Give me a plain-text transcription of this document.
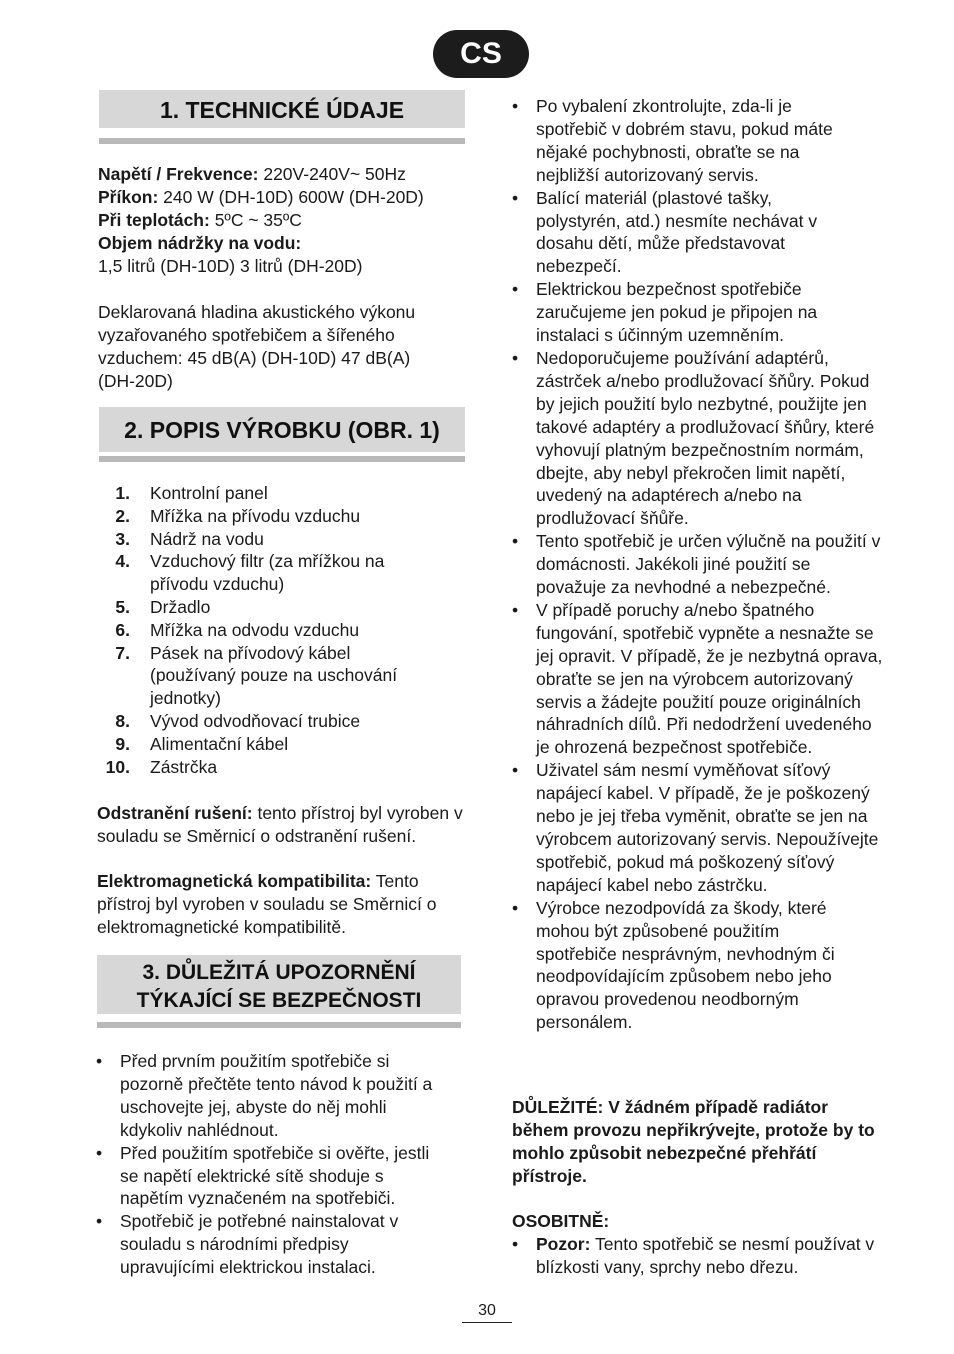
CS
1. TECHNICKÉ ÚDAJE
Napětí / Frekvence: 220V-240V~ 50Hz
Příkon: 240 W (DH-10D) 600W (DH-20D)
Při teplotách: 5ºC ~ 35ºC
Objem nádržky na vodu:
1,5 litrů (DH-10D) 3 litrů (DH-20D)
Deklarovaná hladina akustického výkonu vyzařovaného spotřebičem a šířeného vzduchem: 45 dB(A) (DH-10D) 47 dB(A) (DH-20D)
2. POPIS VÝROBKU (OBR. 1)
1. Kontrolní panel
2. Mřížka na přívodu vzduchu
3. Nádrž na vodu
4. Vzduchový filtr (za mřížkou na přívodu vzduchu)
5. Držadlo
6. Mřížka na odvodu vzduchu
7. Pásek na přívodový kábel (používaný pouze na uschování jednotky)
8. Vývod odvodňovací trubice
9. Alimentační kábel
10. Zástrčka
Odstranění rušení: tento přístroj byl vyroben v souladu se Směrnicí o odstranění rušení.
Elektromagnetická kompatibilita: Tento přístroj byl vyroben v souladu se Směrnicí o elektromagnetické kompatibilitě.
3. DŮLEŽITÁ UPOZORNĚNÍ
TÝKAJÍCÍ SE BEZPEČNOSTI
• Před prvním použitím spotřebiče si pozorně přečtěte tento návod k použití a uschovejte jej, abyste do něj mohli kdykoliv nahlédnout.
• Před použitím spotřebiče si ověřte, jestli se napětí elektrické sítě shoduje s napětím vyznačeném na spotřebiči.
• Spotřebič je potřebné nainstalovat v souladu s národními předpisy upravujícími elektrickou instalaci.
• Po vybalení zkontrolujte, zda-li je spotřebič v dobrém stavu, pokud máte nějaké pochybnosti, obraťte se na nejbližší autorizovaný servis.
• Balící materiál (plastové tašky, polystyrén, atd.) nesmíte nechávat v dosahu dětí, může představovat nebezpečí.
• Elektrickou bezpečnost spotřebiče zaručujeme jen pokud je připojen na instalaci s účinným uzemněním.
• Nedoporučujeme používání adaptérů, zástrček a/nebo prodlužovací šňůry. Pokud by jejich použití bylo nezbytné, použijte jen takové adaptéry a prodlužovací šňůry, které vyhovují platným bezpečnostním normám, dbejte, aby nebyl překročen limit napětí, uvedený na adaptérech a/nebo na prodlužovací šňůře.
• Tento spotřebič je určen výlučně na použití v domácnosti. Jakékoli jiné použití se považuje za nevhodné a nebezpečné.
• V případě poruchy a/nebo špatného fungování, spotřebič vypněte a nesnažte se jej opravit. V případě, že je nezbytná oprava, obraťte se jen na výrobcem autorizovaný servis a žádejte použití pouze originálních náhradních dílů. Při nedodržení uvedeného je ohrozená bezpečnost spotřebiče.
• Uživatel sám nesmí vyměňovat síťový napájecí kabel. V případě, že je poškozený nebo je jej třeba vyměnit, obraťte se jen na výrobcem autorizovaný servis. Nepoužívejte spotřebič, pokud má poškozený síťový napájecí kabel nebo zástrčku.
• Výrobce nezodpovídá za škody, které mohou být způsobené použitím spotřebiče nesprávným, nevhodným či neodpovídajícím způsobem nebo jeho opravou provedenou neodborným personálem.
DŮLEŽITÉ: V žádném případě radiátor během provozu nepřikrývejte, protože by to mohlo způsobit nebezpečné přehřátí přístroje.
OSOBITNĚ:
• Pozor: Tento spotřebič se nesmí používat v blízkosti vany, sprchy nebo dřezu.
30
